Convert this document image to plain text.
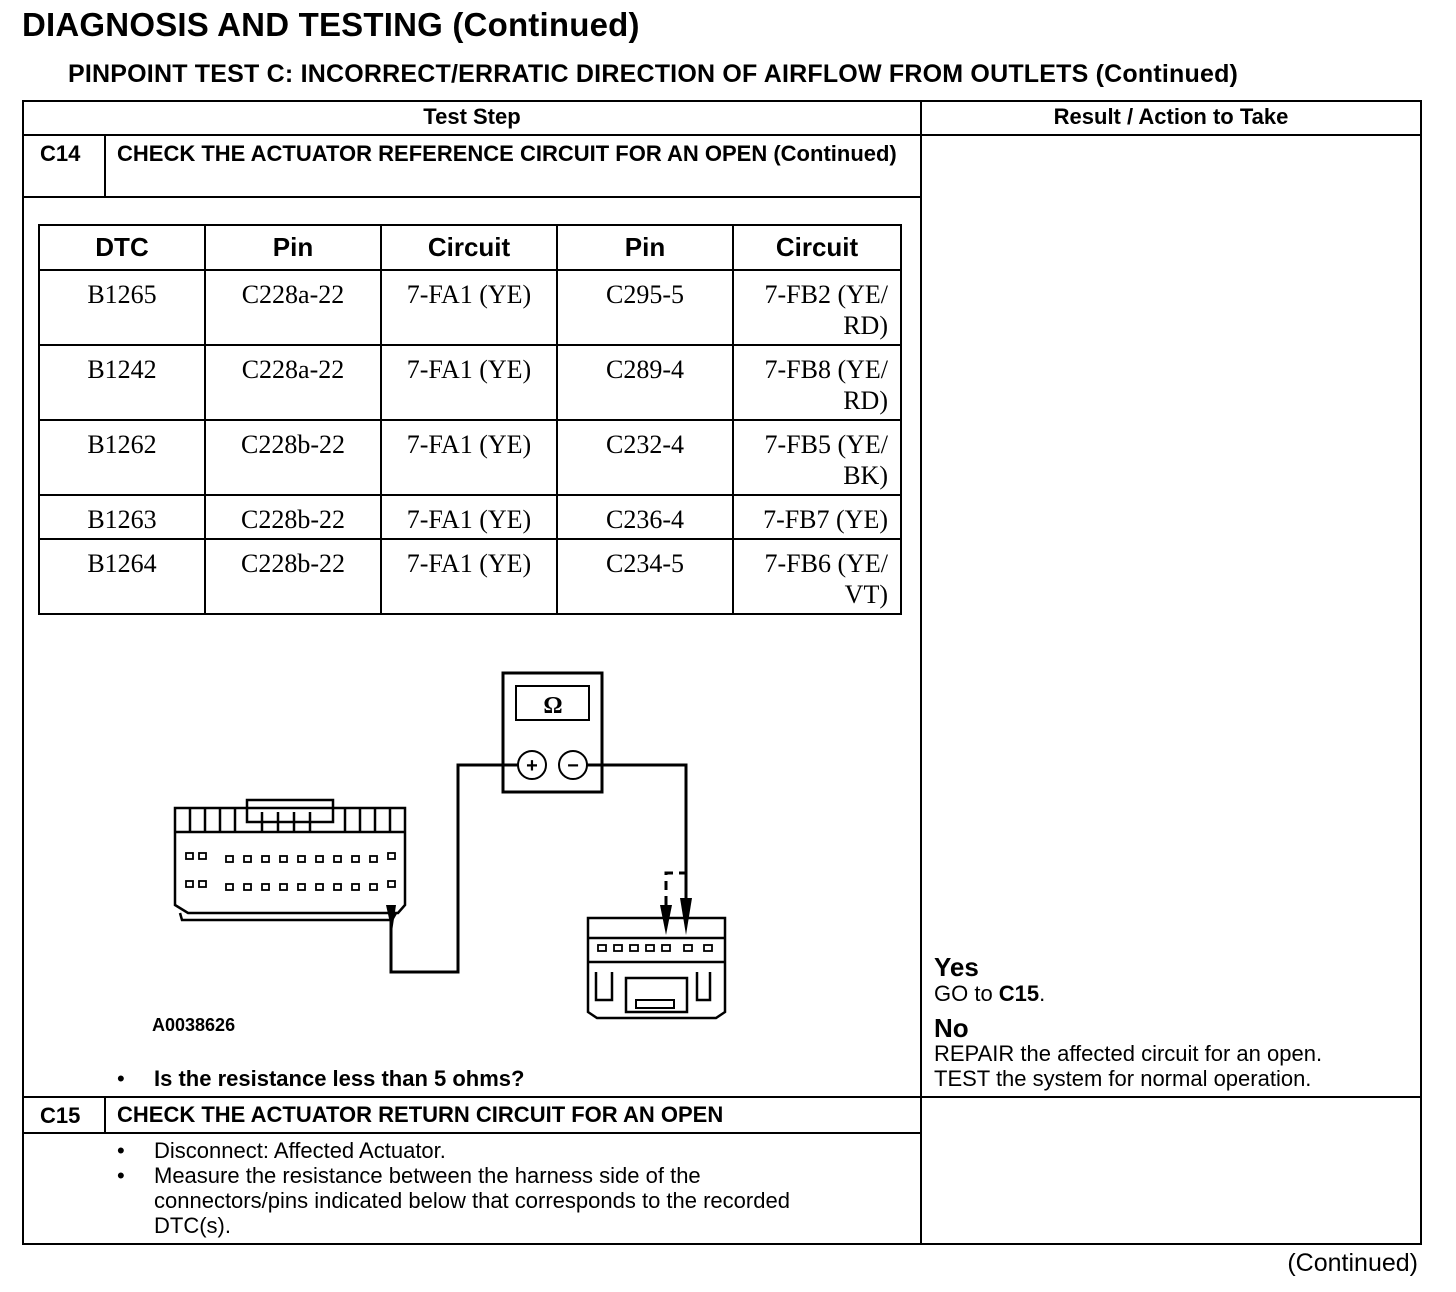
DIAGNOSIS AND TESTING (Continued)
PINPOINT TEST C: INCORRECT/ERRATIC DIRECTION OF AIRFLOW FROM OUTLETS (Continued)
Test Step	Result / Action to Take
C14 CHECK THE ACTUATOR REFERENCE CIRCUIT FOR AN OPEN (Continued)
DTC	Pin	Circuit	Pin	Circuit
B1265	C228a-22	7-FA1 (YE)	C295-5	7-FB2 (YE/ RD)
B1242	C228a-22	7-FA1 (YE)	C289-4	7-FB8 (YE/ RD)
B1262	C228b-22	7-FA1 (YE)	C232-4	7-FB5 (YE/ BK)
B1263	C228b-22	7-FA1 (YE)	C236-4	7-FB7 (YE)
B1264	C228b-22	7-FA1 (YE)	C234-5	7-FB6 (YE/ VT)
Ω
+ −
A0038626
• Is the resistance less than 5 ohms?
Yes
GO to C15.
No
REPAIR the affected circuit for an open.
TEST the system for normal operation.
C15 CHECK THE ACTUATOR RETURN CIRCUIT FOR AN OPEN
• Disconnect: Affected Actuator.
• Measure the resistance between the harness side of the connectors/pins indicated below that corresponds to the recorded DTC(s).
(Continued)
